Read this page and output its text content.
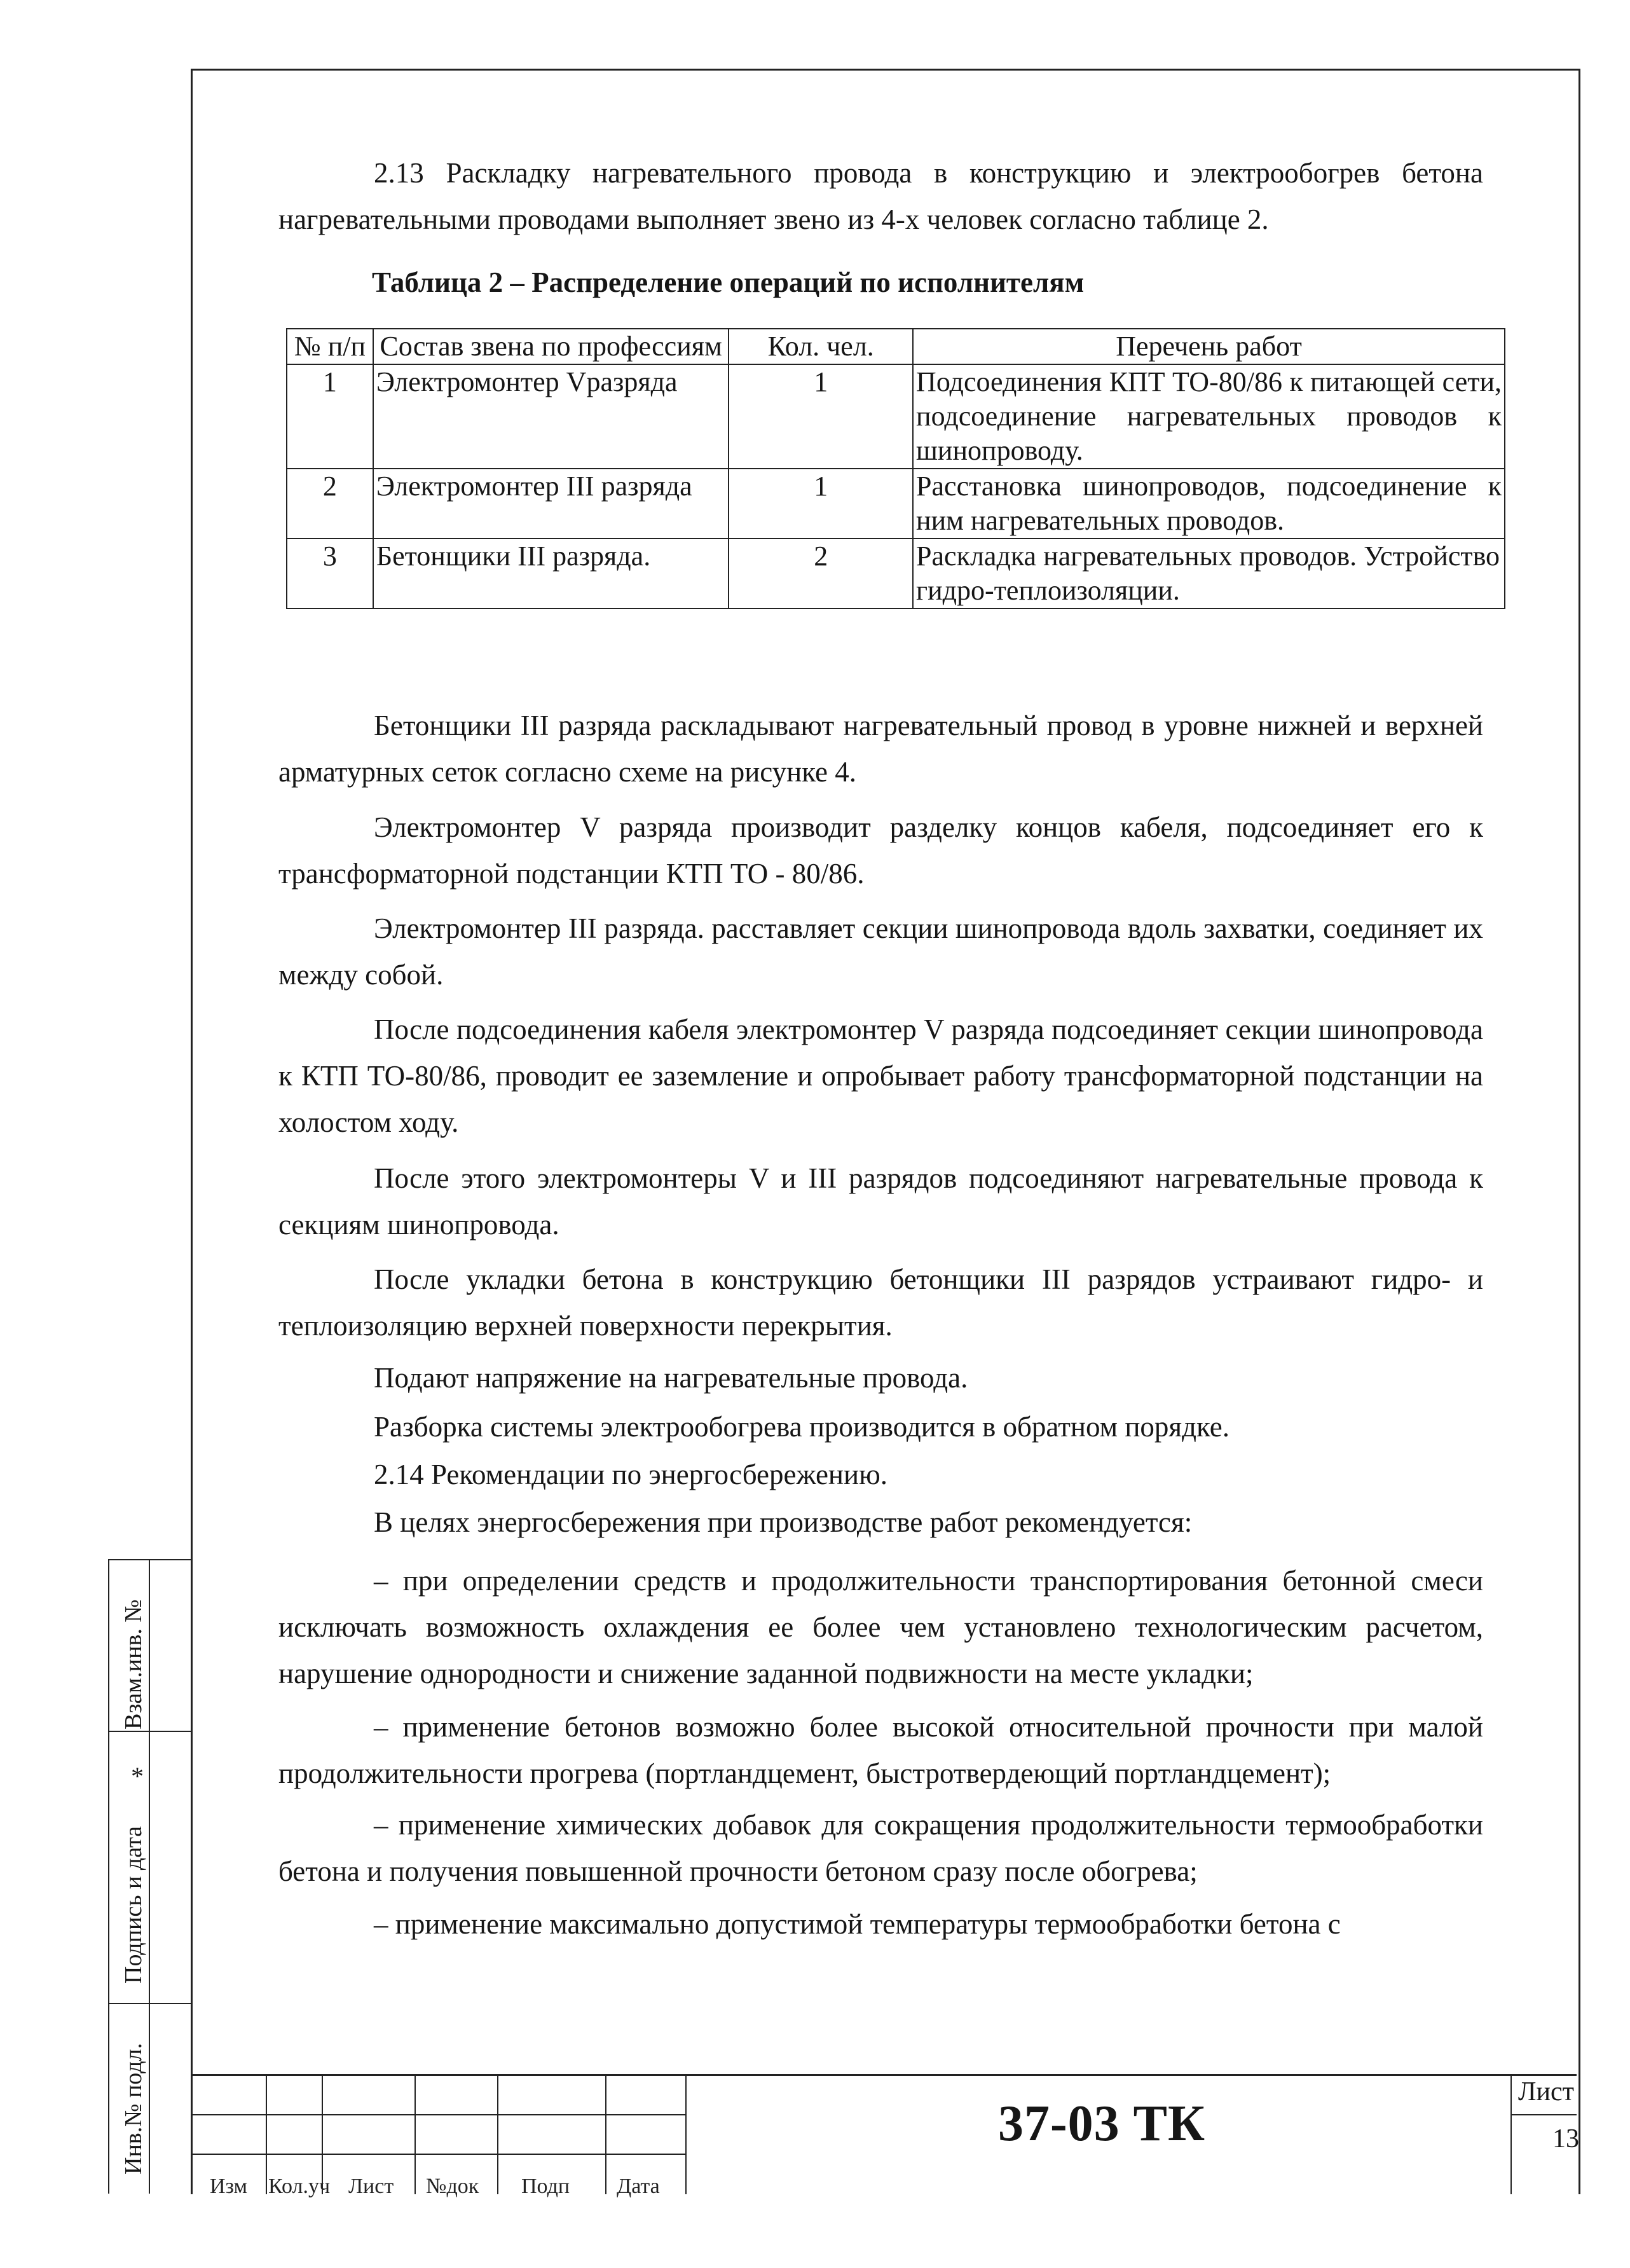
2.13 Раскладку нагревательного провода в конструкцию и электрообогрев бетона нагревательными проводами выполняет звено из 4-х человек согласно таблице 2.

Таблица 2 – Распределение операций по исполнителям

№ п/п	Состав звена по профессиям	Кол. чел.	Перечень работ
1	Электромонтер Vразряда	1	Подсоединения КПТ ТО-80/86 к питающей сети, подсоединение нагревательных проводов к шинопроводу.
2	Электромонтер III разряда	1	Расстановка шинопроводов, подсоединение к ним нагревательных проводов.
3	Бетонщики III разряда.	2	Раскладка нагревательных проводов. Устройство гидро-теплоизоляции.

Бетонщики III разряда раскладывают нагревательный провод в уровне нижней и верхней арматурных сеток согласно схеме на рисунке 4.

Электромонтер V разряда производит разделку концов кабеля, подсоединяет его к трансформаторной подстанции КТП ТО - 80/86.

Электромонтер III разряда. расставляет секции шинопровода вдоль захватки, соединяет их между собой.

После подсоединения кабеля электромонтер V разряда подсоединяет секции шинопровода к КТП ТО-80/86, проводит ее заземление и опробывает работу трансформаторной подстанции на холостом ходу.

После этого электромонтеры V и III разрядов подсоединяют нагревательные провода к секциям шинопровода.

После укладки бетона в конструкцию бетонщики III разрядов устраивают гидро- и теплоизоляцию верхней поверхности перекрытия.

Подают напряжение на нагревательные провода.

Разборка системы электрообогрева производится в обратном порядке.

2.14 Рекомендации по энергосбережению.

В целях энергосбережения при производстве работ рекомендуется:

– при определении средств и продолжительности транспортирования бетонной смеси исключать возможность охлаждения ее более чем установлено технологическим расчетом, нарушение однородности и снижение заданной подвижности на месте укладки;

– применение бетонов возможно более высокой относительной прочности при малой продолжительности прогрева (портландцемент, быстротвердеющий портландцемент);

– применение химических добавок для сокращения продолжительности термообработки бетона и получения повышенной прочности бетоном сразу после обогрева;

– применение максимально допустимой температуры термообработки бетона с

Взам.инв. №
Подпись и дата
Инв.№ подл.
*
Изм Кол.уч Лист №док Подп Дата
37-03 ТК
Лист
13
